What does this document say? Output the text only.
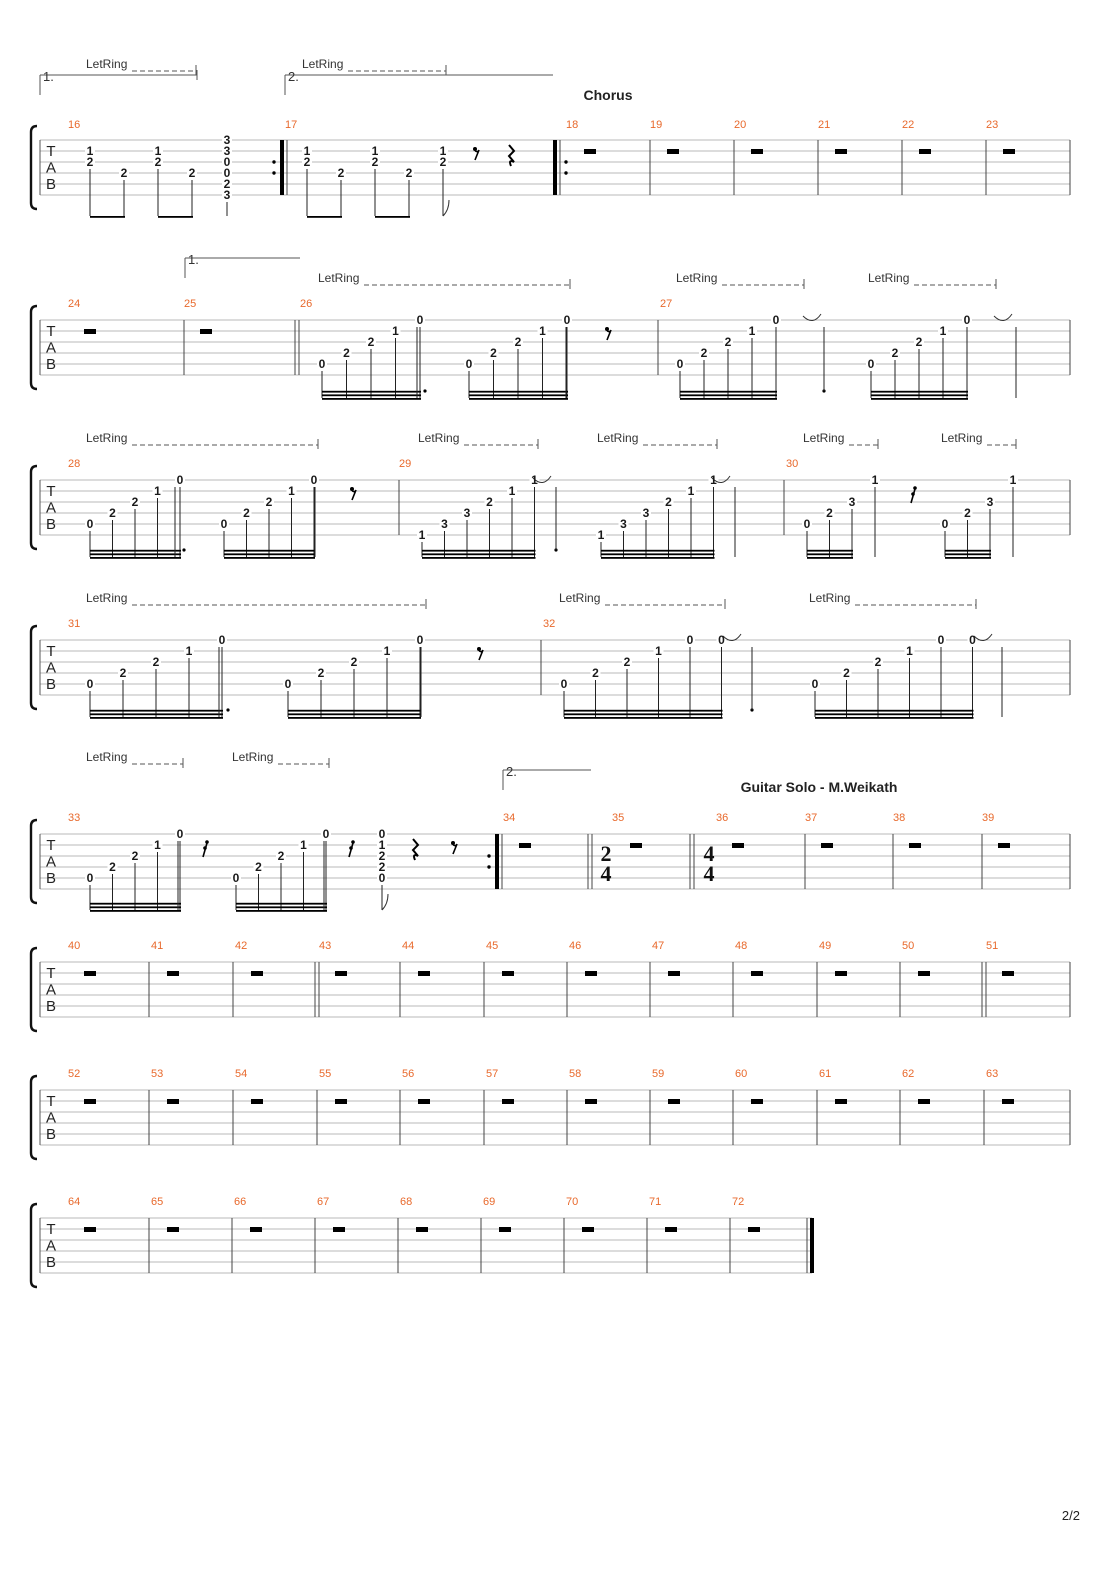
1.	2.
LetRing	LetRing
Chorus
T
A
B
16	17	18	19	20	21	22	23
1
2
2
1
2
2
3
3
0
0
2
3
1
2
2
1
2
2
1
2
1.
LetRing	LetRing	LetRing
T
A
B
24	25	26	27
0
2
2
1
0
0
2
2
1
0
0
2
2
1
0
0
2
2
1
0
LetRing	LetRing	LetRing	LetRing	LetRing
T
A
B
28	29	30
0
2
2
1
0
0
2
2
1
0
1
3
3
2
1
1
1
3
3
2
1
1
0
2
3
1
0
2
3
1
LetRing	LetRing	LetRing
T
A
B
31	32
0
2
2
1
0
0
2
2
1
0
0
2
2
1
0 0
0
2
2
1
0 0
LetRing	LetRing
2.
Guitar Solo - M.Weikath
T
A
B
33	34	35	36	37	38	39
0
2
2
1
0
0
2
2
1
0	0
1
2
2
0
2
4
4
4
T
A
B
40	41	42	43	44	45	46	47	48	49	50	51
T
A
B
52	53	54	55	56	57	58	59	60	61	62	63
T
A
B
64	65	66	67	68	69	70	71	72
2/2
